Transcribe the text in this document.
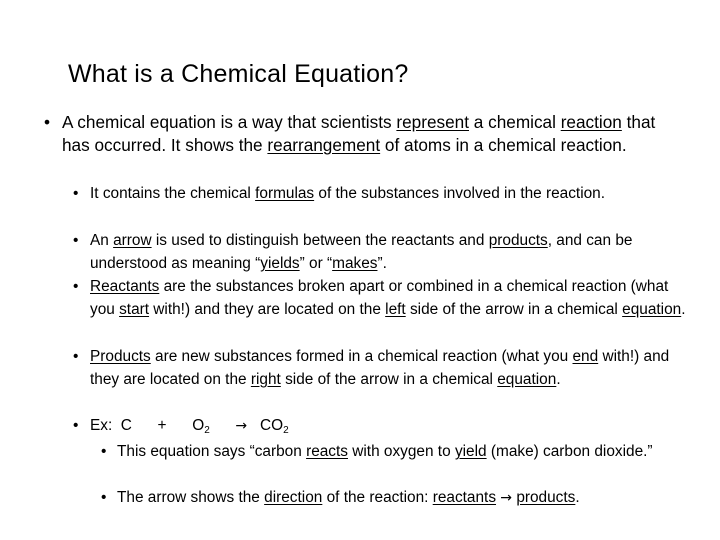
What is a Chemical Equation?
• A chemical equation is a way that scientists represent a chemical reaction that has occurred. It shows the rearrangement of atoms in a chemical reaction.
• It contains the chemical formulas of the substances involved in the reaction.
• An arrow is used to distinguish between the reactants and products, and can be understood as meaning “yields” or “makes”.
• Reactants are the substances broken apart or combined in a chemical reaction (what you start with!) and they are located on the left side of the arrow in a chemical equation.
• Products are new substances formed in a chemical reaction (what you end with!) and they are located on the right side of the arrow in a chemical equation.
• Ex:  C      +      $O_2 \to CO_2$
• This equation says “carbon reacts with oxygen to yield (make) carbon dioxide.”
• The arrow shows the direction of the reaction: reactants → products.
